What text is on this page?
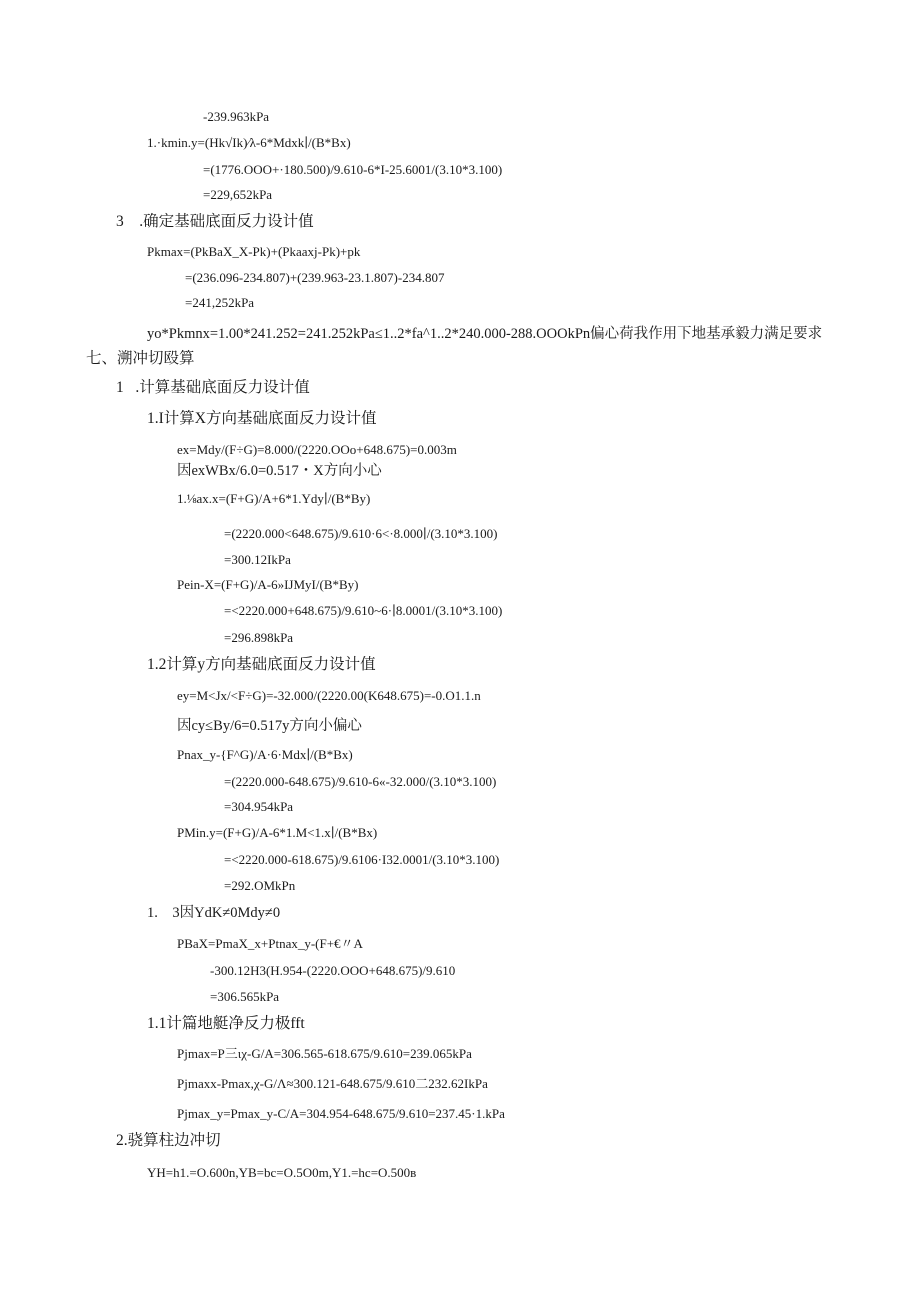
-239.963kPa
1.·kmin.y=(Hk√Ik)⁄λ-6*Mdxk∣/(B*Bx)
=(1776.OOO+·180.500)/9.610-6*I-25.6001/(3.10*3.100)
=229,652kPa
3    .确定基础底面反力设计值
Pkmax=(PkBaX_X-Pk)+(Pkaaxj-Pk)+pk
=(236.096-234.807)+(239.963-23.1.807)-234.807
=241,252kPa
yo*Pkmnx=1.00*241.252=241.252kPa≤1..2*fa^1..2*240.000-288.OOOkPn偏心荷我作用下地基承毅力满足要求
七、溯冲切殴算
1   .计算基础底面反力设计值
1.I计算X方向基础底面反力设计值
ex=Mdy/(F÷G)=8.000/(2220.OOo+648.675)=0.003m
因exWBx/6.0=0.517・X方向小心
1.⅛ax.x=(F+G)/A+6*1.Ydy∣/(B*By)
=(2220.000<648.675)/9.610·6<·8.000∣/(3.10*3.100)
=300.12IkPa
Pein-X=(F+G)/A-6»IJMyI/(B*By)
=<2220.000+648.675)/9.610~6·∣8.0001/(3.10*3.100)
=296.898kPa
1.2计算y方向基础底面反力设计值
ey=M<Jx/<F÷G)=-32.000/(2220.00(K648.675)=-0.O1.1.n
因cy≤By/6=0.517y方向小偏心
Pnax_y-{F^G)/A·6·Mdx∣/(B*Bx)
=(2220.000-648.675)/9.610-6«-32.000/(3.10*3.100)
=304.954kPa
PMin.y=(F+G)/A-6*1.M<1.x∣/(B*Bx)
=<2220.000-618.675)/9.6106·I32.0001/(3.10*3.100)
=292.OMkPn
1.    3因YdK≠0Mdy≠0
PBaX=PmaX_x+Ptnax_y-(F+€〃A
-300.12H3(H.954-(2220.OOO+648.675)/9.610
=306.565kPa
1.1计篇地艇净反力极fft
Pjmax=P三ιχ-G/A=306.565-618.675/9.610=239.065kPa
Pjmaxx-Pmax,χ-G/Λ≈300.121-648.675/9.610二232.62IkPa
Pjmax_y=Pmax_y-C/A=304.954-648.675/9.610=237.45·1.kPa
2.骁算柱边冲切
YH=h1.=O.600n,YB=bc=O.5O0m,Y1.=hc=O.500в
